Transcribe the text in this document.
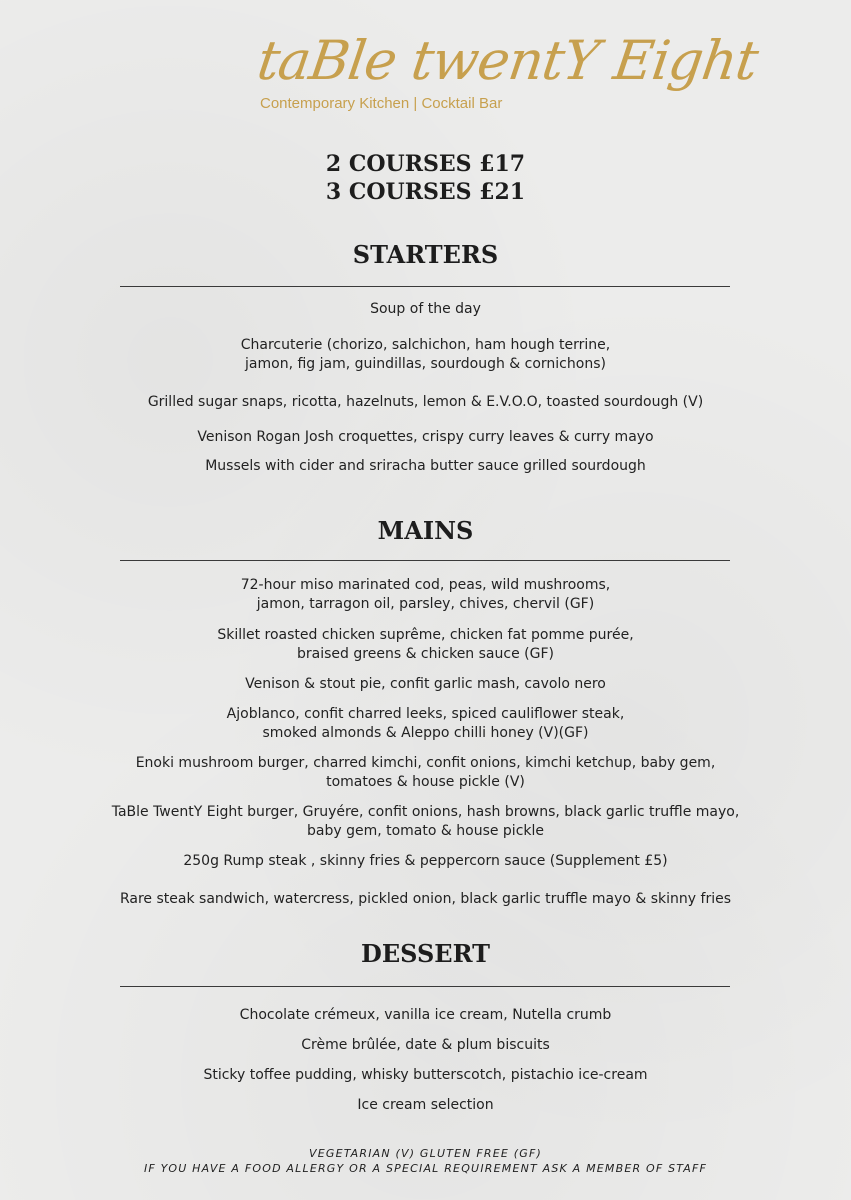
taBle twentY Eight
Contemporary Kitchen | Cocktail Bar
2 COURSES £17
3 COURSES £21
STARTERS
Soup of the day
Charcuterie (chorizo, salchichon, ham hough terrine,
jamon, fig jam, guindillas, sourdough & cornichons)
Grilled sugar snaps, ricotta, hazelnuts, lemon & E.V.O.O, toasted sourdough (V)
Venison Rogan Josh croquettes, crispy curry leaves & curry mayo
Mussels with cider and sriracha butter sauce grilled sourdough
MAINS
72-hour miso marinated cod, peas, wild mushrooms,
jamon, tarragon oil, parsley, chives, chervil (GF)
Skillet roasted chicken suprême, chicken fat pomme purée,
braised greens & chicken sauce (GF)
Venison & stout pie, confit garlic mash, cavolo nero
Ajoblanco, confit charred leeks, spiced cauliflower steak,
smoked almonds & Aleppo chilli honey (V)(GF)
Enoki mushroom burger, charred kimchi, confit onions, kimchi ketchup, baby gem,
tomatoes & house pickle (V)
TaBle TwentY Eight burger, Gruyére, confit onions, hash browns, black garlic truffle mayo,
baby gem, tomato & house pickle
250g Rump steak , skinny fries & peppercorn sauce (Supplement £5)
Rare steak sandwich, watercress, pickled onion, black garlic truffle mayo & skinny fries
DESSERT
Chocolate crémeux, vanilla ice cream, Nutella crumb
Crème brûlée, date & plum biscuits
Sticky toffee pudding, whisky butterscotch, pistachio ice-cream
Ice cream selection
VEGETARIAN (V) GLUTEN FREE (GF)
IF YOU HAVE A FOOD ALLERGY OR A SPECIAL REQUIREMENT ASK A MEMBER OF STAFF
